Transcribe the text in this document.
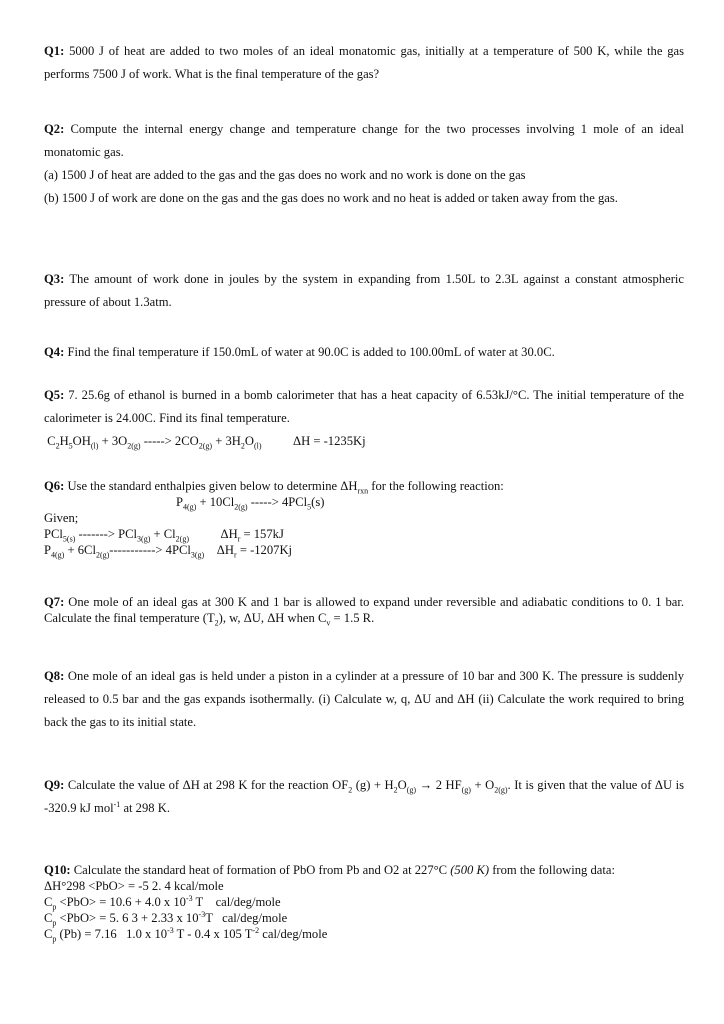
Q1: 5000 J of heat are added to two moles of an ideal monatomic gas, initially at a temperature of 500 K, while the gas performs 7500 J of work. What is the final temperature of the gas?

Q2: Compute the internal energy change and temperature change for the two processes involving 1 mole of an ideal monatomic gas.

(a) 1500 J of heat are added to the gas and the gas does no work and no work is done on the gas

(b) 1500 J of work are done on the gas and the gas does no work and no heat is added or taken away from the gas.

Q3: The amount of work done in joules by the system in expanding from 1.50L to 2.3L against a constant atmospheric pressure of about 1.3atm.

Q4: Find the final temperature if 150.0mL of water at 90.0C is added to 100.00mL of water at 30.0C.

Q5: 7. 25.6g of ethanol is burned in a bomb calorimeter that has a heat capacity of 6.53kJ/°C. The initial temperature of the calorimeter is 24.00C. Find its final temperature.

$C_2H_5OH_{(l)} + 3O_{2(g)}$ -----> $2CO_{2(g)} + 3H_2O_{(l)}$ ΔH = -1235Kj

Q6: Use the standard enthalpies given below to determine $\Delta H_{rxn}$ for the following reaction:

$P_{4(g)} + 10Cl_{2(g)}$ -----> 4PCl$_5$(s)

Given;

PCl$_{5(s)}$ -------> $PCl_{3(g)} + Cl_{2(g)}$ $\Delta H_r = 157kJ$

$P_{4(g)} + 6Cl_{2(g)}-----------> 4PCl_{3(g)}$ $\Delta H_r = -1207Kj$

Q7: One mole of an ideal gas at 300 K and 1 bar is allowed to expand under reversible and adiabatic conditions to 0. 1 bar. Calculate the final temperature $(T_2)$, w, ΔU, ΔH when $C_v = 1.5$ R.

Q8: One mole of an ideal gas is held under a piston in a cylinder at a pressure of 10 bar and 300 K. The pressure is suddenly released to 0.5 bar and the gas expands isothermally. (i) Calculate w, q, ΔU and ΔH (ii) Calculate the work required to bring back the gas to its initial state.

Q9: Calculate the value of ΔH at 298 K for the reaction $OF_2$ $(g) + H_2O_{(g)} \to 2$ $HF_{(g)} + O_{2(g)}$. It is given that the value of ΔU is -320.9 kJ mol$^{-1}$ at 298 K.

Q10: Calculate the standard heat of formation of PbO from Pb and O2 at 227°C (500 K) from the following data:

ΔH°298 <PbO> = -5 2. 4 kcal/mole

$C_p <PbO> = 10.6 + 4.0$ x $10^{-3}$ T    cal/deg/mole

$C_p <PbO> = 5$. 6 3 + 2.33 x $10^{-3}T$   cal/deg/mole

$C_p$ (Pb) = 7.16   1.0 x $10^{-3}$ T - 0.4 x 105 $T^{-2}$ cal/deg/mole
